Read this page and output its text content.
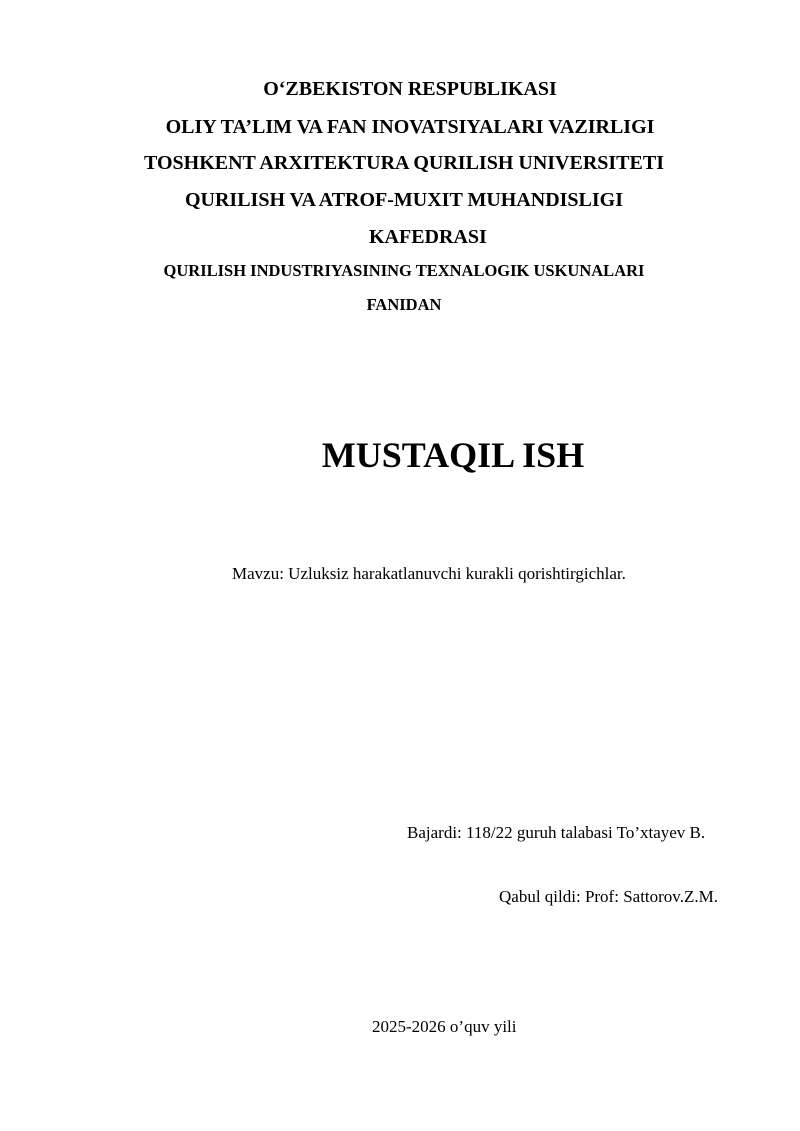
O‘ZBEKISTON RESPUBLIKASI
OLIY TA’LIM VA FAN INOVATSIYALARI VAZIRLIGI
TOSHKENT ARXITEKTURA QURILISH UNIVERSITETI
QURILISH VA ATROF-MUXIT MUHANDISLIGI
KAFEDRASI
QURILISH INDUSTRIYASINING TEXNALOGIK USKUNALARI
FANIDAN
MUSTAQIL ISH
Mavzu: Uzluksiz harakatlanuvchi kurakli qorishtirgichlar.
Bajardi: 118/22 guruh talabasi To’xtayev B.
Qabul qildi: Prof: Sattorov.Z.M.
2025-2026 o’quv yili
